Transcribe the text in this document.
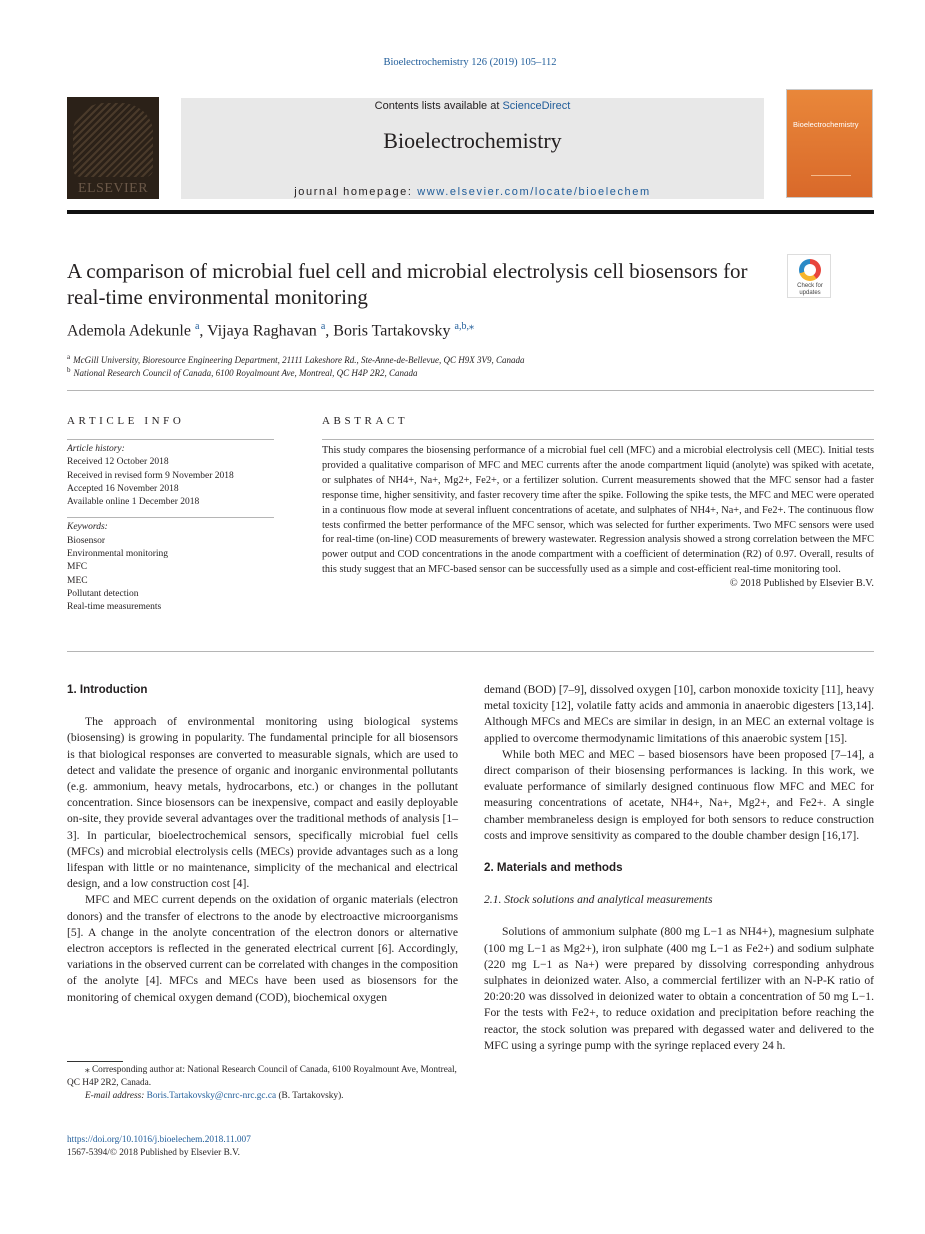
Bioelectrochemistry 126 (2019) 105–112
ELSEVIER
Contents lists available at ScienceDirect
Bioelectrochemistry
journal homepage: www.elsevier.com/locate/bioelechem
Bioelectrochemistry
A comparison of microbial fuel cell and microbial electrolysis cell biosensors for real-time environmental monitoring	Check for
updates
Ademola Adekunle $^a$, Vijaya Raghavan $^a$, Boris Tartakovsky $^{a,b,⁎}$
$^a$ McGill University, Bioresource Engineering Department, 21111 Lakeshore Rd., Ste-Anne-de-Bellevue, QC H9X 3V9, Canada
$^b$ National Research Council of Canada, 6100 Royalmount Ave, Montreal, QC H4P 2R2, Canada
ARTICLE INFO
Article history:
Received 12 October 2018
Received in revised form 9 November 2018
Accepted 16 November 2018
Available online 1 December 2018
Keywords:
Biosensor
Environmental monitoring
MFC
MEC
Pollutant detection
Real-time measurements
ABSTRACT
This study compares the biosensing performance of a microbial fuel cell (MFC) and a microbial electrolysis cell (MEC). Initial tests provided a qualitative comparison of MFC and MEC currents after the anode compartment liquid (anolyte) was spiked with acetate, or sulphates of NH4+, Na+, Mg2+, Fe2+, or a fertilizer solution. Current measurements showed that the MFC sensor had a faster response time, higher sensitivity, and faster recovery time after the spike. Following the spike tests, the MFC and MEC were operated in a continuous flow mode at several influent concentrations of acetate, and sulphates of NH4+, Na+, and Fe2+. The continuous flow tests confirmed the better performance of the MFC sensor, which was selected for further experiments. Two MFC sensors were used for real-time (on-line) COD measurements of brewery wastewater. Regression analysis showed a strong correlation between the MFC power output and COD concentrations in the anode compartment with a coefficient of determination (R2) of 0.97. Overall, results of this study suggest that an MFC-based sensor can be successfully used as a simple and cost-efficient real-time monitoring tool.
© 2018 Published by Elsevier B.V.
1. Introduction
The approach of environmental monitoring using biological systems (biosensing) is growing in popularity. The fundamental principle for all biosensors is that biological responses are converted to measurable signals, which are used to detect and validate the presence of organic and inorganic environmental pollutants (e.g. ammonium, heavy metals, hydrocarbons, etc.) or changes in the pollutant concentration. Since biosensors can be inexpensive, compact and easily deployable on-site, they provide several advantages over the traditional methods of analysis [1–3]. In particular, bioelectrochemical sensors, specifically microbial fuel cells (MFCs) and microbial electrolysis cells (MECs) provide advantages such as a long lifespan with little or no maintenance, simplicity of the mechanical and electrical design, and a low construction cost [4].
MFC and MEC current depends on the oxidation of organic materials (electron donors) and the transfer of electrons to the anode by electroactive microorganisms [5]. A change in the anolyte concentration of the electron donors or alternative electron acceptors is reflected in the generated electrical current [6]. Accordingly, variations in the observed current can be correlated with changes in the composition of the anolyte [4]. MFCs and MECs have been used as biosensors for the monitoring of chemical oxygen demand (COD), biochemical oxygen
demand (BOD) [7–9], dissolved oxygen [10], carbon monoxide toxicity [11], heavy metal toxicity [12], volatile fatty acids and ammonia in anaerobic digesters [13,14]. Although MFCs and MECs are similar in design, in an MEC an external voltage is applied to overcome thermodynamic limitations of this anaerobic system [15].
While both MEC and MEC – based biosensors have been proposed [7–14], a direct comparison of their biosensing performances is lacking. In this work, we evaluate performance of similarly designed continuous flow MFC and MEC for measuring concentrations of acetate, NH4+, Na+, Mg2+, and Fe2+. A single chamber membraneless design is employed for both sensors to reduce construction costs and improve sensitivity as compared to the double chamber design [16,17].
2. Materials and methods
2.1. Stock solutions and analytical measurements
Solutions of ammonium sulphate (800 mg L−1 as NH4+), magnesium sulphate (100 mg L−1 as Mg2+), iron sulphate (400 mg L−1 as Fe2+) and sodium sulphate (220 mg L−1 as Na+) were prepared by dissolving corresponding anhydrous sulphates in deionized water. Also, a commercial fertilizer with an N-P-K ratio of 20:20:20 was dissolved in deionized water to obtain a concentration of 50 mg L−1. For the tests with Fe2+, to reduce oxidation and precipitation before reaching the reactor, the stock solution was prepared with degassed water and delivered to the MFC using a syringe pump with the syringe replaced every 24 h.
⁎ Corresponding author at: National Research Council of Canada, 6100 Royalmount Ave, Montreal, QC H4P 2R2, Canada.
E-mail address: Boris.Tartakovsky@cnrc-nrc.gc.ca (B. Tartakovsky).
https://doi.org/10.1016/j.bioelechem.2018.11.007
1567-5394/© 2018 Published by Elsevier B.V.
